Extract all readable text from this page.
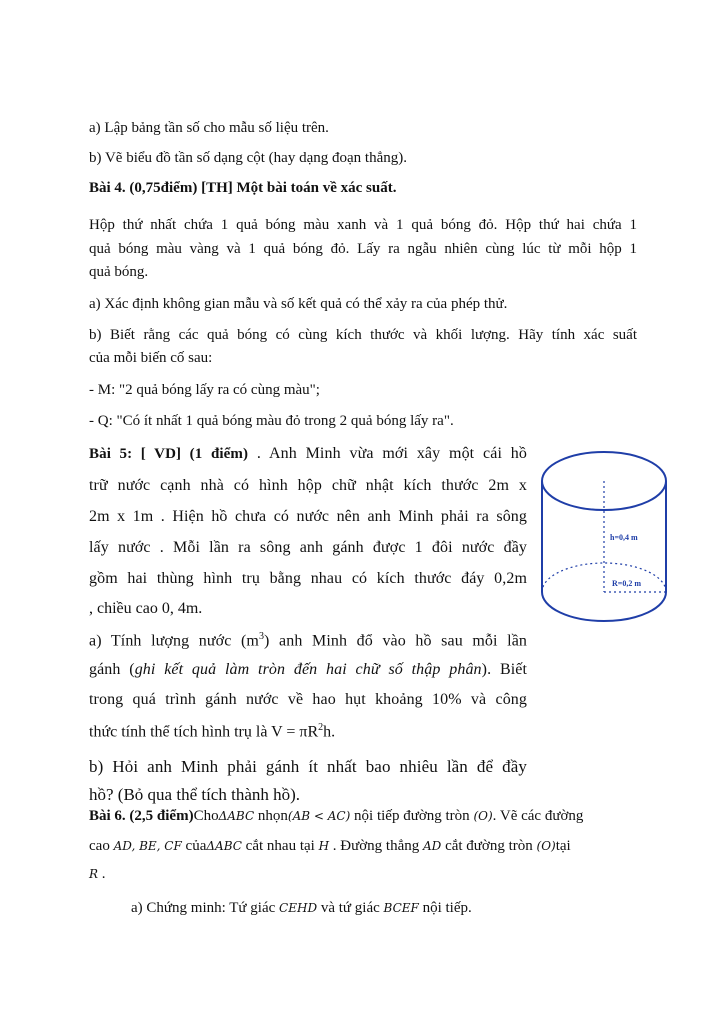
a) Lập bảng tần số cho mẫu số liệu trên.
b) Vẽ biểu đồ tần số dạng cột (hay dạng đoạn thẳng).
Bài 4. (0,75điểm) [TH] Một bài toán về xác suất.
Hộp thứ nhất chứa 1 quả bóng màu xanh và 1 quả bóng đỏ. Hộp thứ hai chứa 1
quả bóng màu vàng và 1 quả bóng đỏ. Lấy ra ngẫu nhiên cùng lúc từ mỗi hộp 1
quả bóng.
a) Xác định không gian mẫu và số kết quả có thể xảy ra của phép thử.
b) Biết rằng các quả bóng có cùng kích thước và khối lượng. Hãy tính xác suất
của mỗi biến cố sau:
- M: "2 quả bóng lấy ra có cùng màu";
- Q: "Có ít nhất 1 quả bóng màu đỏ trong 2 quả bóng lấy ra".
Bài 5: [ VD] (1 điểm) . Anh Minh vừa mới xây một cái hồ
trữ nước cạnh nhà có hình hộp chữ nhật kích thước 2m x
2m x 1m . Hiện hồ chưa có nước nên anh Minh phải ra sông
lấy nước . Mỗi lần ra sông anh gánh được 1 đôi nước đầy
gồm hai thùng hình trụ bằng nhau có kích thước đáy 0,2m
, chiều cao 0, 4m.
a) Tính lượng nước $(m^3)$ anh Minh đổ vào hồ sau mỗi lần
gánh (ghi kết quả làm tròn đến hai chữ số thập phân). Biết
trong quá trình gánh nước về hao hụt khoảng 10% và công
thức tính thể tích hình trụ là $V = \pi R^2h$.
b) Hỏi anh Minh phải gánh ít nhất bao nhiêu lần để đầy
hồ? (Bỏ qua thể tích thành hồ).
h=0,4 m
R=0,2 m
Bài 6. (2,5 điểm)ChoΔABC nhọn(AB < AC) nội tiếp đường tròn (O). Vẽ các đường
cao AD, BE, CF củaΔABC cắt nhau tại H . Đường thẳng AD cắt đường tròn (O)tại
R .
a) Chứng minh: Tứ giác CEHD và tứ giác BCEF nội tiếp.
